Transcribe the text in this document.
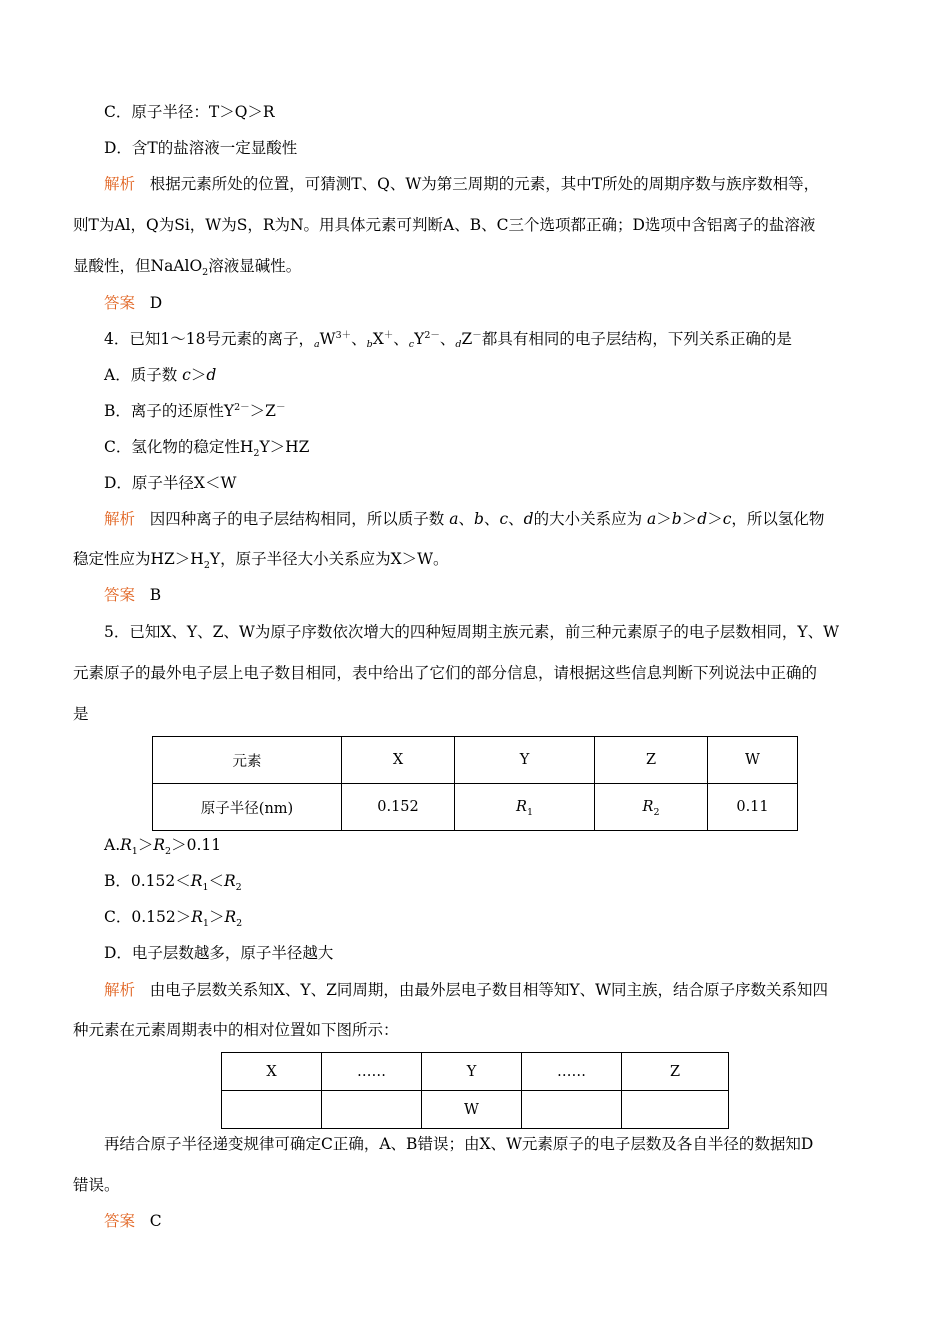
C．原子半径：T＞Q＞R
D．含T的盐溶液一定显酸性
解析 根据元素所处的位置，可猜测T、Q、W为第三周期的元素，其中T所处的周期序数与族序数相等，
则T为Al，Q为Si，W为S，R为N。用具体元素可判断A、B、C三个选项都正确；D选项中含铝离子的盐溶液
显酸性，但NaAlO$_2$溶液显碱性。
答案 D
4．已知1～18号元素的离子，$aW^{3+}$、bX＋、$cY^{2-}$、dZ－都具有相同的电子层结构，下列关系正确的是
A．质子数 c＞d
B．离子的还原性$Y^{2-}>Z^-$
C．氢化物的稳定性$H_2Y>HZ$
D．原子半径X＜W
解析 因四种离子的电子层结构相同，所以质子数 a、b、c、d的大小关系应为 a＞b＞d＞c，所以氢化物
稳定性应为$HZ>H_2Y$，原子半径大小关系应为X＞W。
答案 B
5．已知X、Y、Z、W为原子序数依次增大的四种短周期主族元素，前三种元素原子的电子层数相同，Y、W
元素原子的最外电子层上电子数目相同，表中给出了它们的部分信息，请根据这些信息判断下列说法中正确的
是
元素	X	Y	Z	W
原子半径(nm)	0.152	$R_1$	$R_2$	0.11
$A.R_1>R_2>0.11$
B．$0.152<R_1<R_2$
C．$0.152>R_1>R_2$
D．电子层数越多，原子半径越大
解析 由电子层数关系知X、Y、Z同周期，由最外层电子数目相等知Y、W同主族，结合原子序数关系知四
种元素在元素周期表中的相对位置如下图所示：
X	……	Y	……	Z
		W		
再结合原子半径递变规律可确定C正确，A、B错误；由X、W元素原子的电子层数及各自半径的数据知D
错误。
答案 C
